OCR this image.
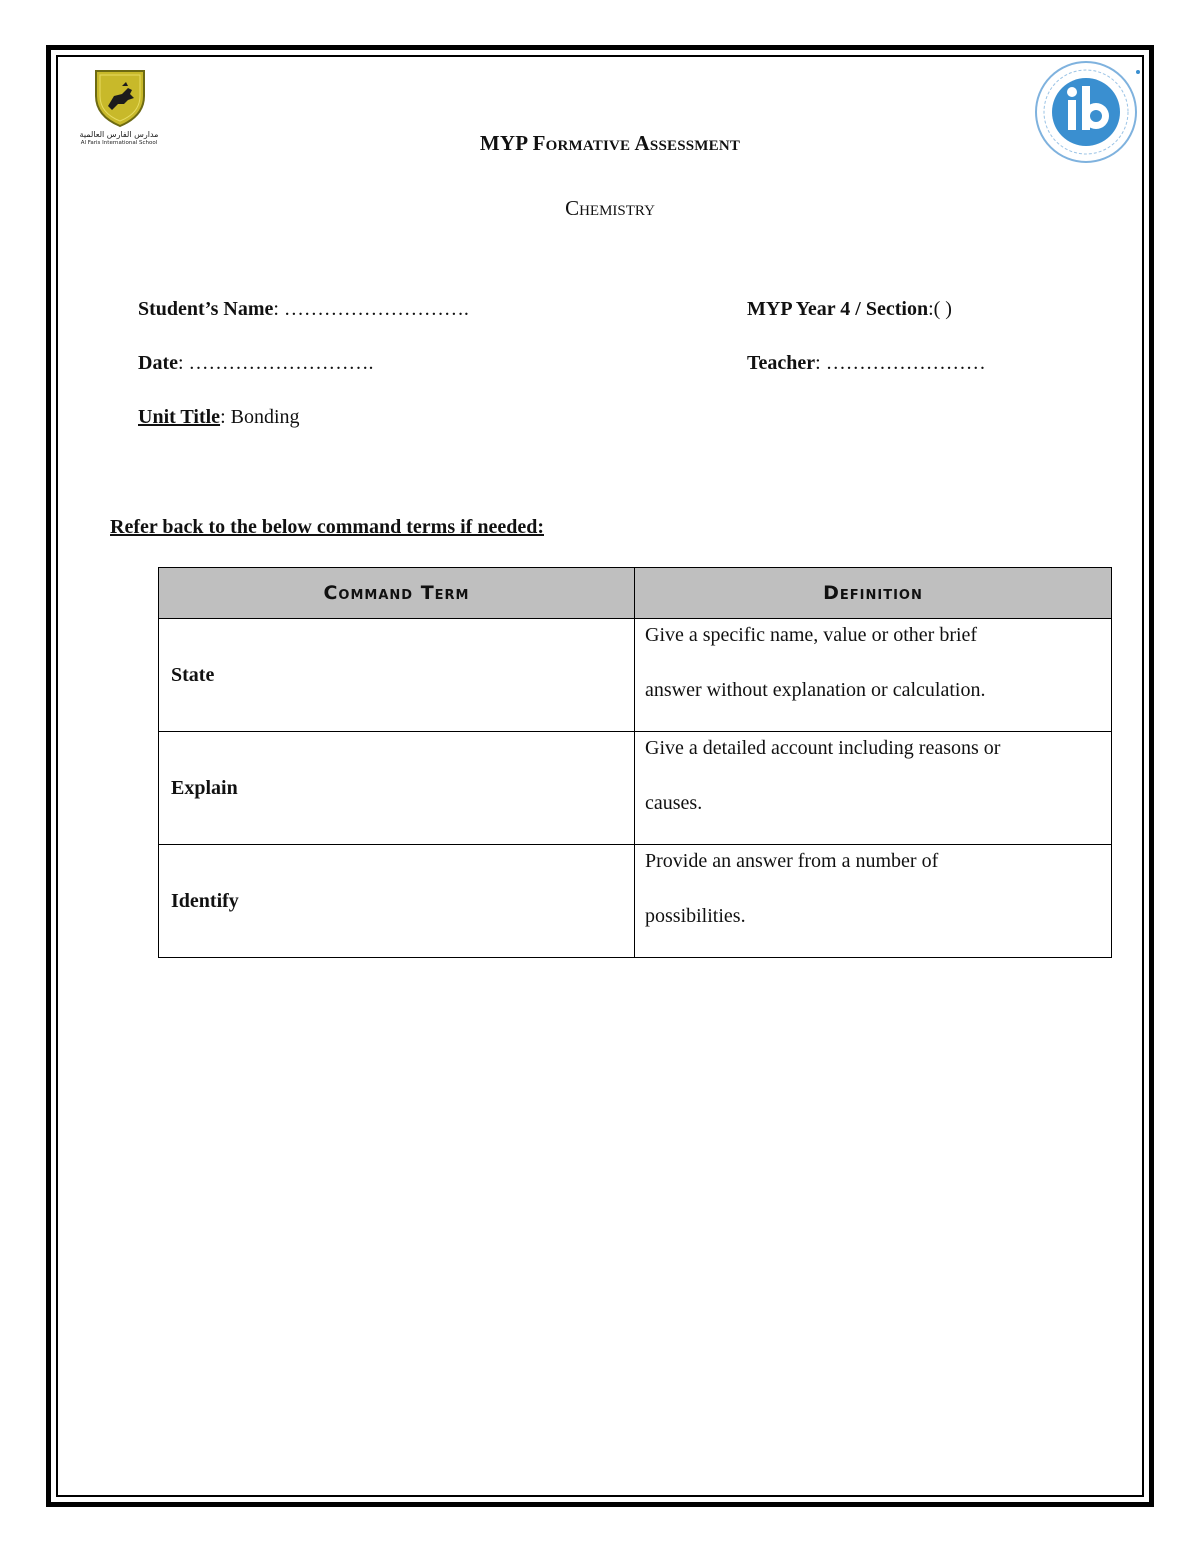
مدارس الفارس العالمية
Al Faris International School	MYP Formative Assessment
Chemistry
Student’s Name: ……………………….	MYP Year 4 / Section:( )
Date: ……………………….	Teacher: ……………………
Unit Title: Bonding
Refer back to the below command terms if needed:
Command Term	Definition
State	Give a specific name, value or other brief
answer without explanation or calculation.

Explain	Give a detailed account including reasons or
causes.

Identify	Provide an answer from a number of
possibilities.
